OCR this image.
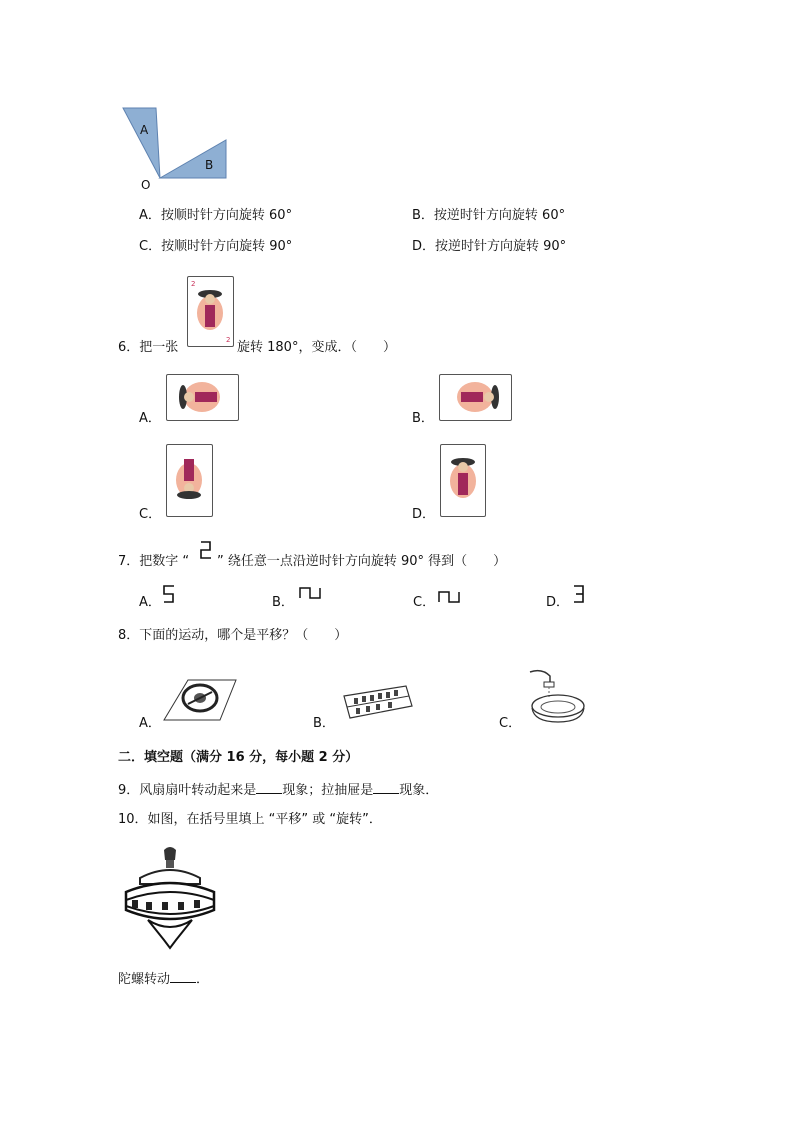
A
B
O
A．按顺时针方向旋转 60°	B．按逆时针方向旋转 60°
C．按顺时针方向旋转 90°	D．按逆时针方向旋转 90°
6．把一张
2
2 旋转 180°，变成．（　　）
A．	B．
C．	D．
7．把数字 “ ” 绕任意一点沿逆时针方向旋转 90° 得到（　　）
A．	B．	C．	D．
8．下面的运动，哪个是平移？（　　）
A．	B．	C．
二．填空题（满分 16 分，每小题 2 分）
9．风扇扇叶转动起来是 现象；拉抽屉是 现象．
10．如图，在括号里填上 “平移” 或 “旋转”．
陀螺转动 ．
